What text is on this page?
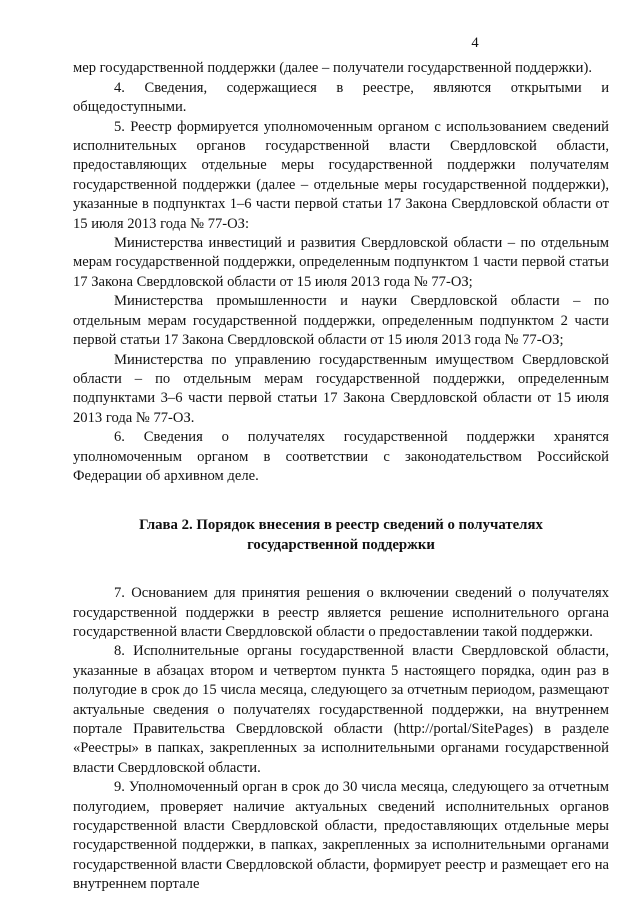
4

мер государственной поддержки (далее – получатели государственной поддержки).

4. Сведения, содержащиеся в реестре, являются открытыми и общедоступными.

5. Реестр формируется уполномоченным органом с использованием сведений исполнительных органов государственной власти Свердловской области, предоставляющих отдельные меры государственной поддержки получателям государственной поддержки (далее – отдельные меры государственной поддержки), указанные в подпунктах 1–6 части первой статьи 17 Закона Свердловской области от 15 июля 2013 года № 77-ОЗ:

Министерства инвестиций и развития Свердловской области – по отдельным мерам государственной поддержки, определенным подпунктом 1 части первой статьи 17 Закона Свердловской области от 15 июля 2013 года № 77-ОЗ;

Министерства промышленности и науки Свердловской области – по отдельным мерам государственной поддержки, определенным подпунктом 2 части первой статьи 17 Закона Свердловской области от 15 июля 2013 года № 77-ОЗ;

Министерства по управлению государственным имуществом Свердловской области – по отдельным мерам государственной поддержки, определенным подпунктами 3–6 части первой статьи 17 Закона Свердловской области от 15 июля 2013 года № 77-ОЗ.

6. Сведения о получателях государственной поддержки хранятся уполномоченным органом в соответствии с законодательством Российской Федерации об архивном деле.

Глава 2. Порядок внесения в реестр сведений о получателях государственной поддержки

7. Основанием для принятия решения о включении сведений о получателях государственной поддержки в реестр является решение исполнительного органа государственной власти Свердловской области о предоставлении такой поддержки.

8. Исполнительные органы государственной власти Свердловской области, указанные в абзацах втором и четвертом пункта 5 настоящего порядка, один раз в полугодие в срок до 15 числа месяца, следующего за отчетным периодом, размещают актуальные сведения о получателях государственной поддержки, на внутреннем портале Правительства Свердловской области (http://portal/SitePages) в разделе «Реестры» в папках, закрепленных за исполнительными органами государственной власти Свердловской области.

9. Уполномоченный орган в срок до 30 числа месяца, следующего за отчетным полугодием, проверяет наличие актуальных сведений исполнительных органов государственной власти Свердловской области, предоставляющих отдельные меры государственной поддержки, в папках, закрепленных за исполнительными органами государственной власти Свердловской области, формирует реестр и размещает его на внутреннем портале
